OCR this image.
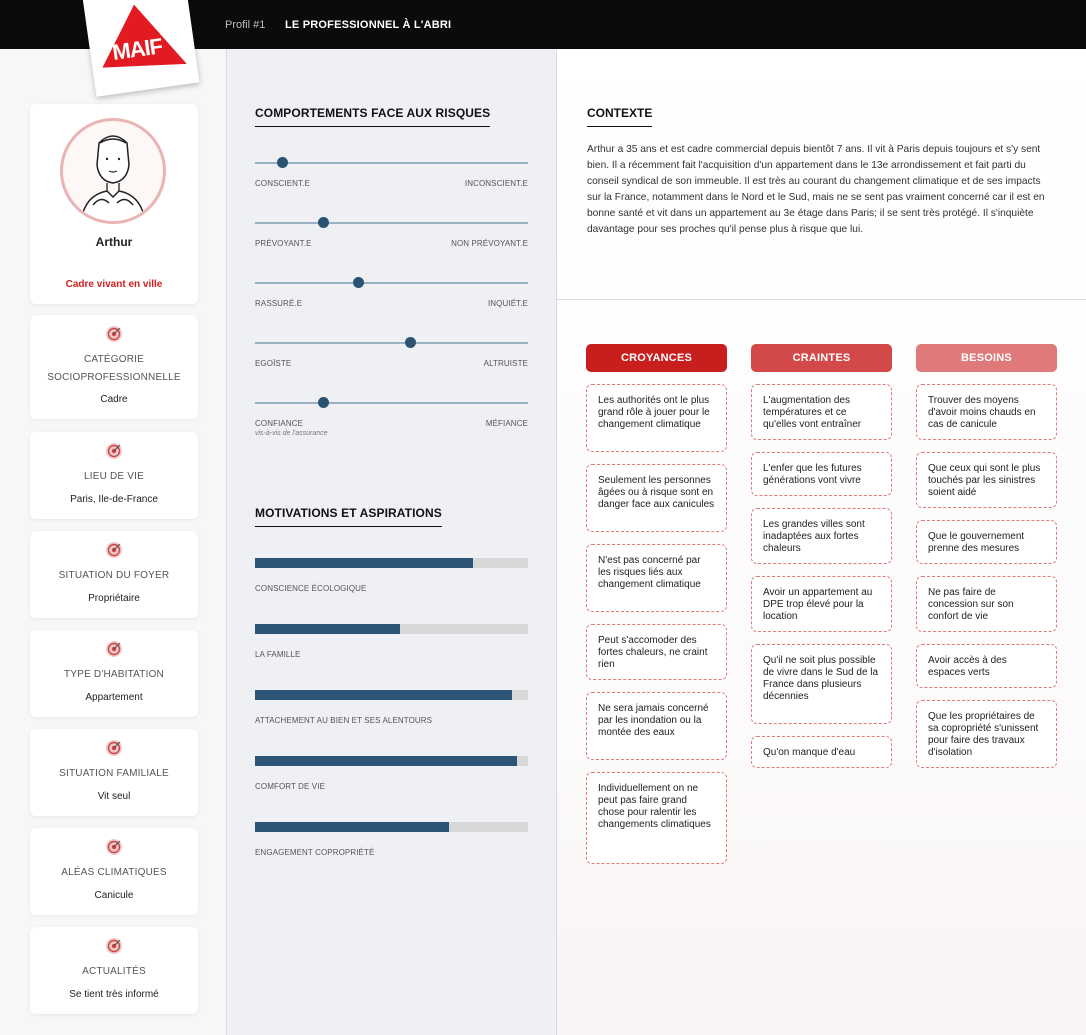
Profil #1 LE PROFESSIONNEL À L'ABRI
MAIF
Arthur
Cadre vivant en ville
CATÉGORIE SOCIOPROFESSIONNELLE
Cadre
LIEU DE VIE
Paris, Ile-de-France
SITUATION DU FOYER
Propriétaire
TYPE D'HABITATION
Appartement
SITUATION FAMILIALE
Vit seul
ALÉAS CLIMATIQUES
Canicule
ACTUALITÉS
Se tient très informé
COMPORTEMENTS FACE AUX RISQUES
CONSCIENT.E	INCONSCIENT.E
PRÉVOYANT.E	NON PRÉVOYANT.E
RASSURÉ.E	INQUIÉT.E
EGOÏSTE	ALTRUISTE
CONFIANCE	MÉFIANCE
vis-à-vis de l'assurance
MOTIVATIONS ET ASPIRATIONS
CONSCIENCE ÉCOLOGIQUE
LA FAMILLE
ATTACHEMENT AU BIEN ET SES ALENTOURS
COMFORT DE VIE
ENGAGEMENT COPROPRIÉTÉ
CONTEXTE
Arthur a 35 ans et est cadre commercial depuis bientôt 7 ans. Il vit à Paris depuis toujours et s'y sent bien. Il a récemment fait l'acquisition d'un appartement dans le 13e arrondissement et fait parti du conseil syndical de son immeuble. Il est très au courant du changement climatique et de ses impacts sur la France, notamment dans le Nord et le Sud, mais ne se sent pas vraiment concerné car il est en bonne santé et vit dans un appartement au 3e étage dans Paris; il se sent très protégé. Il s'inquiète davantage pour ses proches qu'il pense plus à risque que lui.
CROYANCES
Les authorités ont le plus grand rôle à jouer pour le changement climatique
Seulement les personnes âgées ou à risque sont en danger face aux canicules
N'est pas concerné par les risques liés aux changement climatique
Peut s'accomoder des fortes chaleurs, ne craint rien
Ne sera jamais concerné par les inondation ou la montée des eaux
Individuellement on ne peut pas faire grand chose pour ralentir les changements climatiques
CRAINTES
L'augmentation des températures et ce qu'elles vont entraîner
L'enfer que les futures générations vont vivre
Les grandes villes sont inadaptées aux fortes chaleurs
Avoir un appartement au DPE trop élevé pour la location
Qu'il ne soit plus possible de vivre dans le Sud de la France dans plusieurs décennies
Qu'on manque d'eau
BESOINS
Trouver des moyens d'avoir moins chauds en cas de canicule
Que ceux qui sont le plus touchés par les sinistres soient aidé
Que le gouvernement prenne des mesures
Ne pas faire de concession sur son confort de vie
Avoir accès à des espaces verts
Que les propriétaires de sa copropriété s'unissent pour faire des travaux d'isolation
